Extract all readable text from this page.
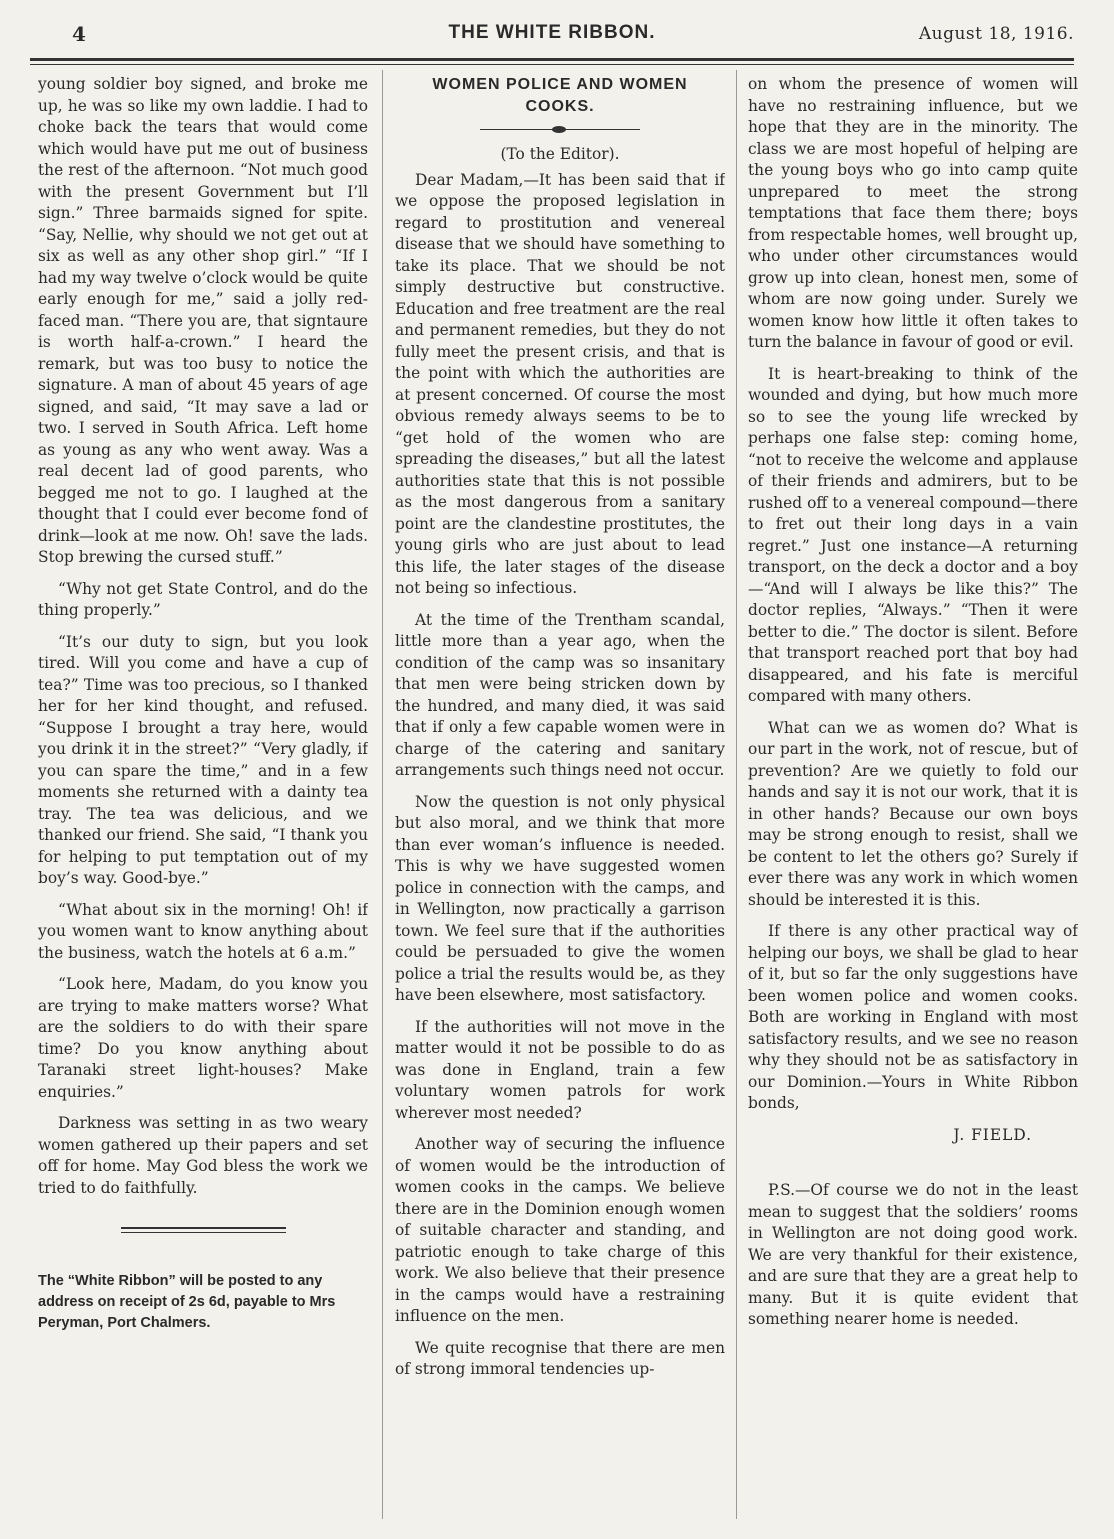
4	THE WHITE RIBBON.	August 18, 1916.

young soldier boy signed, and broke me up, he was so like my own laddie. I had to choke back the tears that would come which would have put me out of business the rest of the afternoon. “Not much good with the present Government but I’ll sign.” Three barmaids signed for spite. “Say, Nellie, why should we not get out at six as well as any other shop girl.” “If I had my way twelve o’clock would be quite early enough for me,” said a jolly red-faced man. “There you are, that signtaure is worth half-a-crown.” I heard the remark, but was too busy to notice the signature. A man of about 45 years of age signed, and said, “It may save a lad or two. I served in South Africa. Left home as young as any who went away. Was a real decent lad of good parents, who begged me not to go. I laughed at the thought that I could ever become fond of drink—look at me now. Oh! save the lads. Stop brewing the cursed stuff.”

“Why not get State Control, and do the thing properly.”

“It’s our duty to sign, but you look tired. Will you come and have a cup of tea?” Time was too precious, so I thanked her for her kind thought, and refused. “Suppose I brought a tray here, would you drink it in the street?” “Very gladly, if you can spare the time,” and in a few moments she returned with a dainty tea tray. The tea was delicious, and we thanked our friend. She said, “I thank you for helping to put temptation out of my boy’s way. Good-bye.”

“What about six in the morning! Oh! if you women want to know anything about the business, watch the hotels at 6 a.m.”

“Look here, Madam, do you know you are trying to make matters worse? What are the soldiers to do with their spare time? Do you know anything about Taranaki street light-houses? Make enquiries.”

Darkness was setting in as two weary women gathered up their papers and set off for home. May God bless the work we tried to do faithfully.

The “White Ribbon” will be posted to any address on receipt of 2s 6d, payable to Mrs Peryman, Port Chalmers.
WOMEN POLICE AND WOMEN COOKS.
(To the Editor).

Dear Madam,—It has been said that if we oppose the proposed legislation in regard to prostitution and venereal disease that we should have something to take its place. That we should be not simply destructive but constructive. Education and free treatment are the real and permanent remedies, but they do not fully meet the present crisis, and that is the point with which the authorities are at present concerned. Of course the most obvious remedy always seems to be to “get hold of the women who are spreading the diseases,” but all the latest authorities state that this is not possible as the most dangerous from a sanitary point are the clandestine prostitutes, the young girls who are just about to lead this life, the later stages of the disease not being so infectious.

At the time of the Trentham scandal, little more than a year ago, when the condition of the camp was so insanitary that men were being stricken down by the hundred, and many died, it was said that if only a few capable women were in charge of the catering and sanitary arrangements such things need not occur.

Now the question is not only physical but also moral, and we think that more than ever woman’s influence is needed. This is why we have suggested women police in connection with the camps, and in Wellington, now practically a garrison town. We feel sure that if the authorities could be persuaded to give the women police a trial the results would be, as they have been elsewhere, most satisfactory.

If the authorities will not move in the matter would it not be possible to do as was done in England, train a few voluntary women patrols for work wherever most needed?

Another way of securing the influence of women would be the introduction of women cooks in the camps. We believe there are in the Dominion enough women of suitable character and standing, and patriotic enough to take charge of this work. We also believe that their presence in the camps would have a restraining influence on the men.

We quite recognise that there are men of strong immoral tendencies up-

on whom the presence of women will have no restraining influence, but we hope that they are in the minority. The class we are most hopeful of helping are the young boys who go into camp quite unprepared to meet the strong temptations that face them there; boys from respectable homes, well brought up, who under other circumstances would grow up into clean, honest men, some of whom are now going under. Surely we women know how little it often takes to turn the balance in favour of good or evil.

It is heart-breaking to think of the wounded and dying, but how much more so to see the young life wrecked by perhaps one false step: coming home, “not to receive the welcome and applause of their friends and admirers, but to be rushed off to a venereal compound—there to fret out their long days in a vain regret.” Just one instance—A returning transport, on the deck a doctor and a boy—“And will I always be like this?” The doctor replies, “Always.” “Then it were better to die.” The doctor is silent. Before that transport reached port that boy had disappeared, and his fate is merciful compared with many others.

What can we as women do? What is our part in the work, not of rescue, but of prevention? Are we quietly to fold our hands and say it is not our work, that it is in other hands? Because our own boys may be strong enough to resist, shall we be content to let the others go? Surely if ever there was any work in which women should be interested it is this.

If there is any other practical way of helping our boys, we shall be glad to hear of it, but so far the only suggestions have been women police and women cooks. Both are working in England with most satisfactory results, and we see no reason why they should not be as satisfactory in our Dominion.—Yours in White Ribbon bonds,

J. FIELD.

P.S.—Of course we do not in the least mean to suggest that the soldiers’ rooms in Wellington are not doing good work. We are very thankful for their existence, and are sure that they are a great help to many. But it is quite evident that something nearer home is needed.
